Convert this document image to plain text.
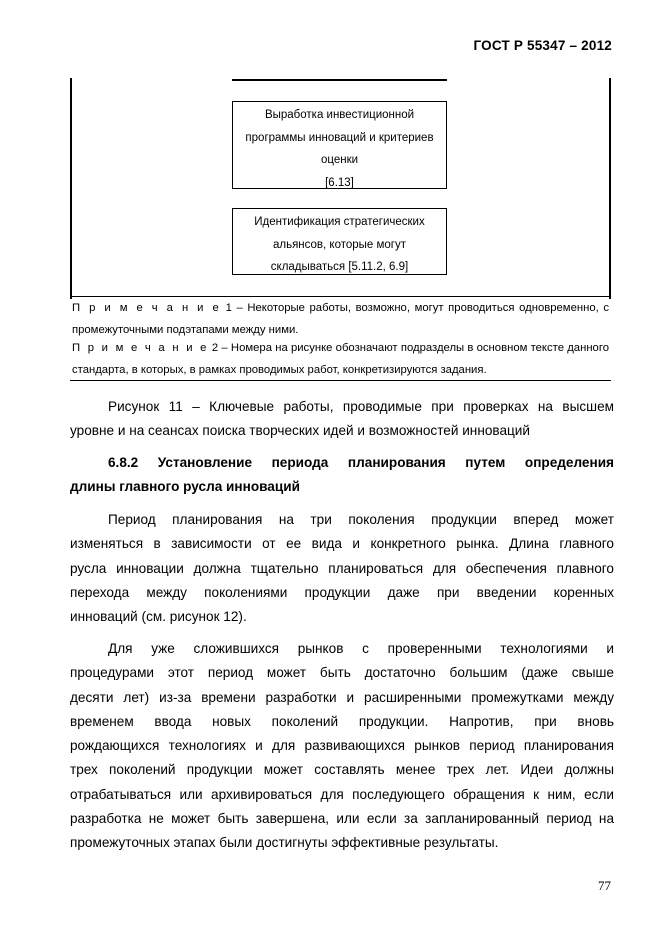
ГОСТ Р 55347 – 2012
Выработка инвестиционной
программы инноваций и критериев
оценки
[6.13]
Идентификация стратегических
альянсов, которые могут
складываться [5.11.2, 6.9]
П р и м е ч а н и е 1 – Некоторые работы, возможно, могут проводиться одновременно, с
промежуточными подэтапами между ними.
П р и м е ч а н и е 2 – Номера на рисунке обозначают подразделы в основном тексте данного
стандарта, в которых, в рамках проводимых работ, конкретизируются задания.
Рисунок 11 – Ключевые работы, проводимые при проверках на высшем
уровне и на сеансах поиска творческих идей и возможностей инноваций
6.8.2 Установление периода планирования путем определения
длины главного русла инноваций
Период планирования на три поколения продукции вперед может
изменяться в зависимости от ее вида и конкретного рынка. Длина главного
русла инновации должна тщательно планироваться для обеспечения плавного
перехода между поколениями продукции даже при введении коренных
инноваций (см. рисунок 12).
Для уже сложившихся рынков с проверенными технологиями и
процедурами этот период может быть достаточно большим (даже свыше
десяти лет) из-за времени разработки и расширенными промежутками между
временем ввода новых поколений продукции. Напротив, при вновь
рождающихся технологиях и для развивающихся рынков период планирования
трех поколений продукции может составлять менее трех лет. Идеи должны
отрабатываться или архивироваться для последующего обращения к ним, если
разработка не может быть завершена, или если за запланированный период на
промежуточных этапах были достигнуты эффективные результаты.
77
